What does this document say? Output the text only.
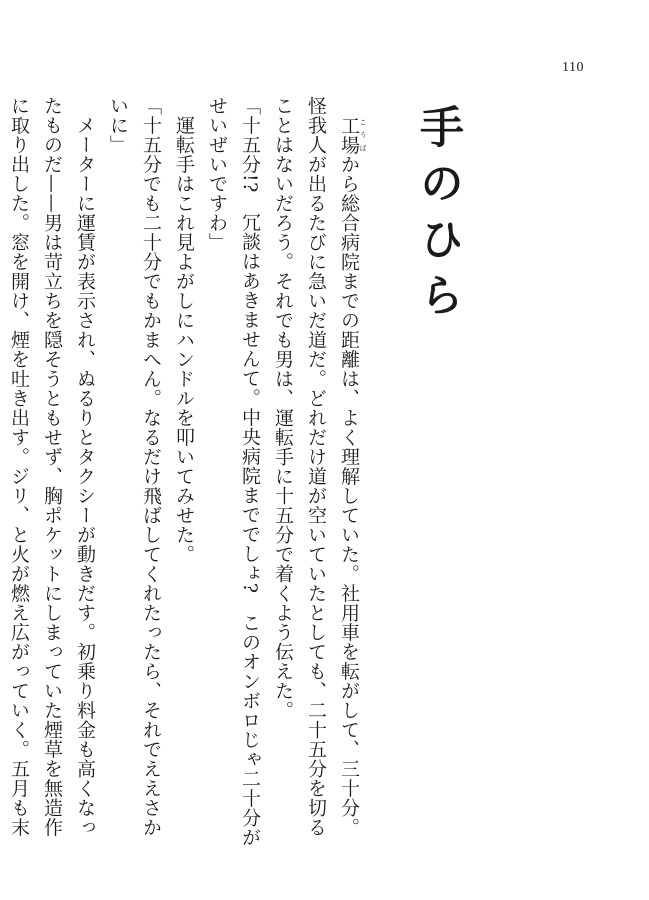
110
手のひら

　工場 こうばから総合病院までの距離は、よく理解していた。社用車を転がして、三十分。怪我人が出るたびに急いだ道だ。どれだけ道が空いていたとしても、二十五分を切ることはないだろう。それでも男は、運転手に十五分で着くよう伝えた。

「十五分!?　冗談はあきませんて。中央病院まででしょ?　このオンボロじゃ二十分がせいぜいですわ」

　運転手はこれ見よがしにハンドルを叩いてみせた。

「十五分でも二十分でもかまへん。なるだけ飛ばしてくれたったら、それでええさかいに」

　メーターに運賃が表示され、ぬるりとタクシーが動きだす。初乗り料金も高くなったものだ——男は苛立ちを隠そうともせず、胸ポケットにしまっていた煙草を無造作に取り出した。窓を開け、煙を吐き出す。ジリ、と火が燃え広がっていく。五月も末
